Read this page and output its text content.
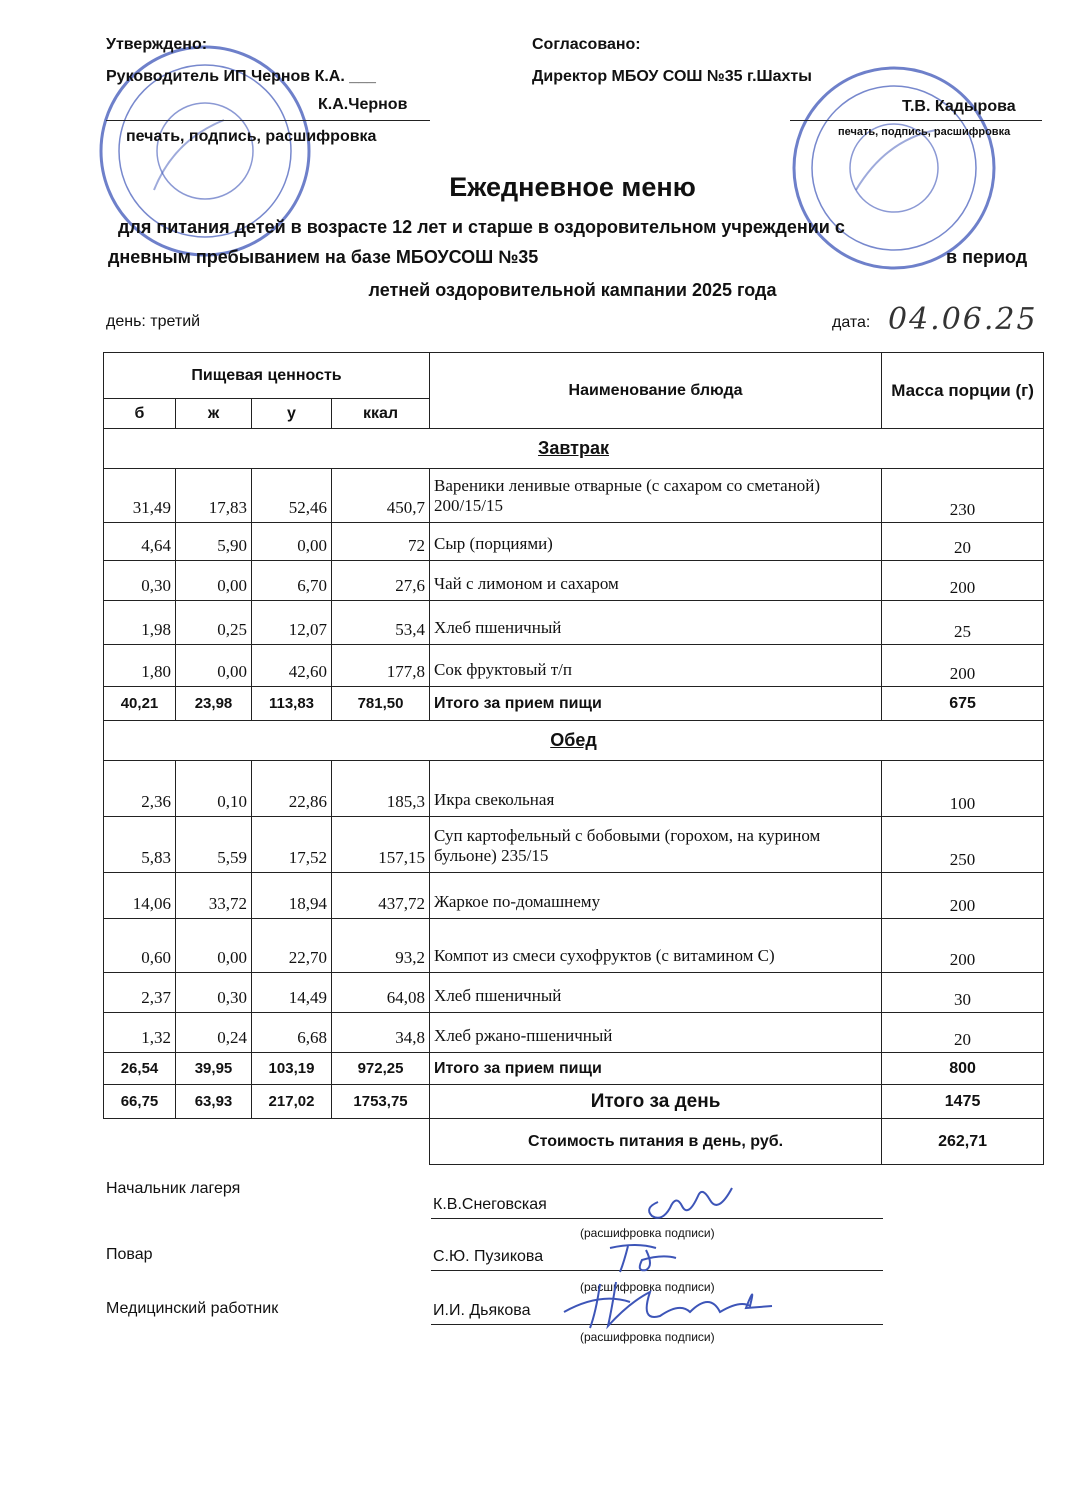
Утверждено:
Руководитель ИП Чернов К.А. ___
К.А.Чернов
печать, подпись, расшифровка
Согласовано:
Директор МБОУ СОШ №35 г.Шахты
Т.В. Кадырова
печать, подпись, расшифровка
Ежедневное меню
для питания детей в возрасте 12 лет и старше в оздоровительном учреждении с
дневным пребыванием на базе МБОУСОШ №35	в период
летней оздоровительной кампании 2025 года
день: третий	дата: 04.06.25
Пищевая ценность				Наименование блюда	Масса порции (г)
б	ж	у	ккал		
Завтрак					
31,49	17,83	52,46	450,7	Вареники ленивые отварные (с сахаром со сметаной) 200/15/15	230
4,64	5,90	0,00	72	Сыр (порциями)	20
0,30	0,00	6,70	27,6	Чай с лимоном и сахаром	200
1,98	0,25	12,07	53,4	Хлеб пшеничный	25
1,80	0,00	42,60	177,8	Сок фруктовый т/п	200
40,21	23,98	113,83	781,50	Итого за прием пищи	675
Обед					
2,36	0,10	22,86	185,3	Икра свекольная	100
5,83	5,59	17,52	157,15	Суп картофельный с бобовыми (горохом, на курином бульоне) 235/15	250
14,06	33,72	18,94	437,72	Жаркое по-домашнему	200
0,60	0,00	22,70	93,2	Компот из смеси сухофруктов (с витамином С)	200
2,37	0,30	14,49	64,08	Хлеб пшеничный	30
1,32	0,24	6,68	34,8	Хлеб ржано-пшеничный	20
26,54	39,95	103,19	972,25	Итого за прием пищи	800
66,75	63,93	217,02	1753,75	Итого за день	1475
				Стоимость питания в день, руб.	262,71
Начальник лагеря
К.В.Снеговская
(расшифровка подписи)
Повар	С.Ю. Пузикова
(расшифровка подписи)
Медицинский работник	И.И. Дьякова
(расшифровка подписи)
